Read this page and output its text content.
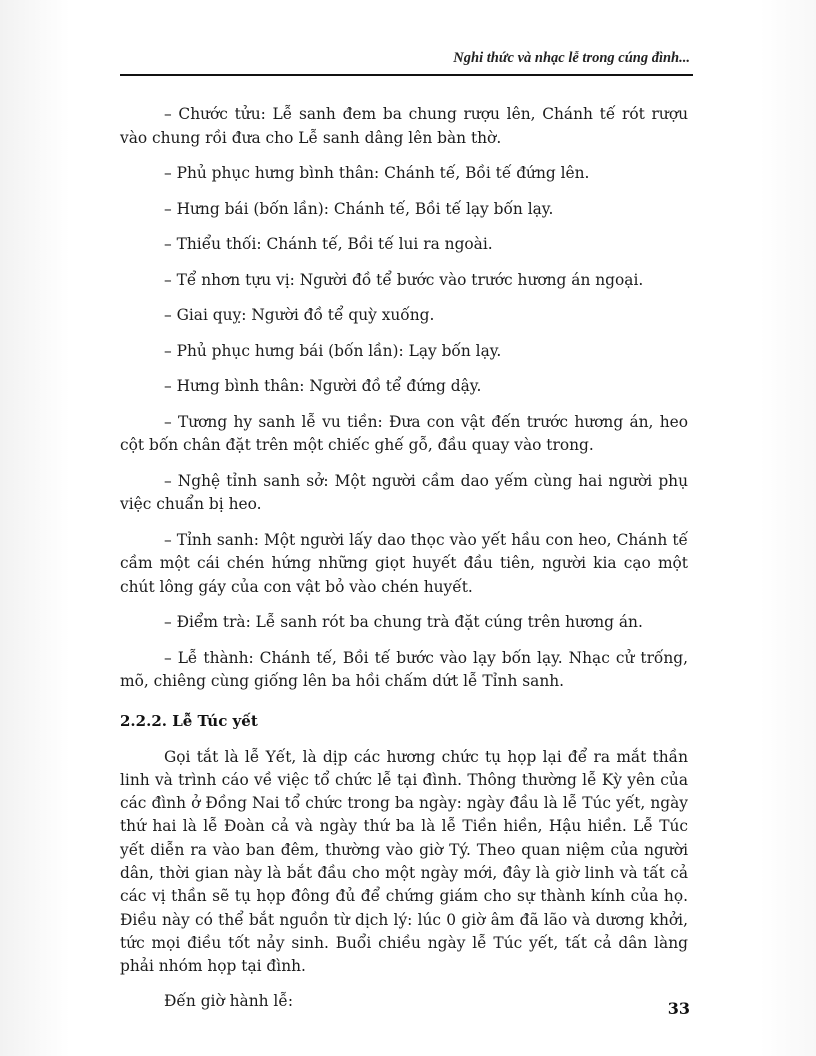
Nghi thức và nhạc lễ trong cúng đình...

– Chước tửu: Lễ sanh đem ba chung rượu lên, Chánh tế rót rượu vào chung rồi đưa cho Lễ sanh dâng lên bàn thờ.

– Phủ phục hưng bình thân: Chánh tế, Bồi tế đứng lên.

– Hưng bái (bốn lần): Chánh tế, Bồi tế lạy bốn lạy.

– Thiểu thối: Chánh tế, Bồi tế lui ra ngoài.

– Tể nhơn tựu vị: Người đồ tể bước vào trước hương án ngoại.

– Giai quỵ: Người đồ tể quỳ xuống.

– Phủ phục hưng bái (bốn lần): Lạy bốn lạy.

– Hưng bình thân: Người đồ tể đứng dậy.

– Tương hy sanh lễ vu tiền: Đưa con vật đến trước hương án, heo cột bốn chân đặt trên một chiếc ghế gỗ, đầu quay vào trong.

– Nghệ tỉnh sanh sở: Một người cầm dao yếm cùng hai người phụ việc chuẩn bị heo.

– Tỉnh sanh: Một người lấy dao thọc vào yết hầu con heo, Chánh tế cầm một cái chén hứng những giọt huyết đầu tiên, người kia cạo một chút lông gáy của con vật bỏ vào chén huyết.

– Điểm trà: Lễ sanh rót ba chung trà đặt cúng trên hương án.

– Lễ thành: Chánh tế, Bồi tế bước vào lạy bốn lạy. Nhạc cử trống, mõ, chiêng cùng giống lên ba hồi chấm dứt lễ Tỉnh sanh.

2.2.2. Lễ Túc yết

Gọi tắt là lễ Yết, là dịp các hương chức tụ họp lại để ra mắt thần linh và trình cáo về việc tổ chức lễ tại đình. Thông thường lễ Kỳ yên của các đình ở Đồng Nai tổ chức trong ba ngày: ngày đầu là lễ Túc yết, ngày thứ hai là lễ Đoàn cả và ngày thứ ba là lễ Tiền hiền, Hậu hiền. Lễ Túc yết diễn ra vào ban đêm, thường vào giờ Tý. Theo quan niệm của người dân, thời gian này là bắt đầu cho một ngày mới, đây là giờ linh và tất cả các vị thần sẽ tụ họp đông đủ để chứng giám cho sự thành kính của họ. Điều này có thể bắt nguồn từ dịch lý: lúc 0 giờ âm đã lão và dương khởi, tức mọi điều tốt nảy sinh. Buổi chiều ngày lễ Túc yết, tất cả dân làng phải nhóm họp tại đình.

Đến giờ hành lễ:	33
